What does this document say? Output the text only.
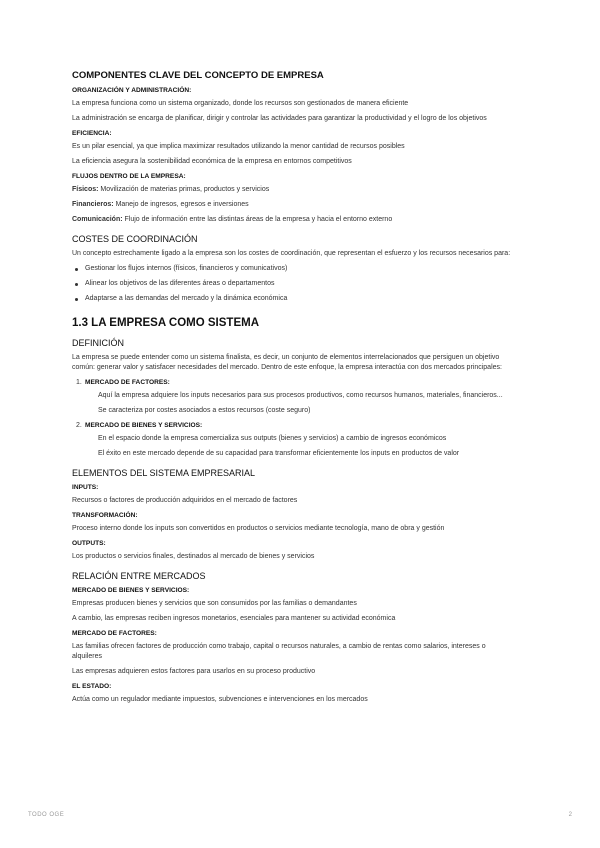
COMPONENTES CLAVE DEL CONCEPTO DE EMPRESA
ORGANIZACIÓN Y ADMINISTRACIÓN:

La empresa funciona como un sistema organizado, donde los recursos son gestionados de manera eficiente

La administración se encarga de planificar, dirigir y controlar las actividades para garantizar la productividad y el logro de los objetivos

EFICIENCIA:

Es un pilar esencial, ya que implica maximizar resultados utilizando la menor cantidad de recursos posibles

La eficiencia asegura la sostenibilidad económica de la empresa en entornos competitivos

FLUJOS DENTRO DE LA EMPRESA:

Físicos: Movilización de materias primas, productos y servicios

Financieros: Manejo de ingresos, egresos e inversiones

Comunicación: Flujo de información entre las distintas áreas de la empresa y hacia el entorno externo

COSTES DE COORDINACIÓN

Un concepto estrechamente ligado a la empresa son los costes de coordinación, que representan el esfuerzo y los recursos necesarios para:

Gestionar los flujos internos (físicos, financieros y comunicativos)
Alinear los objetivos de las diferentes áreas o departamentos
Adaptarse a las demandas del mercado y la dinámica económica
1.3 LA EMPRESA COMO SISTEMA
DEFINICIÓN

La empresa se puede entender como un sistema finalista, es decir, un conjunto de elementos interrelacionados que persiguen un objetivo común: generar valor y satisfacer necesidades del mercado. Dentro de este enfoque, la empresa interactúa con dos mercados principales:

1. MERCADO DE FACTORES:

Aquí la empresa adquiere los inputs necesarios para sus procesos productivos, como recursos humanos, materiales, financieros...

Se caracteriza por costes asociados a estos recursos (coste seguro)

2. MERCADO DE BIENES Y SERVICIOS:

En el espacio donde la empresa comercializa sus outputs (bienes y servicios) a cambio de ingresos económicos

El éxito en este mercado depende de su capacidad para transformar eficientemente los inputs en productos de valor

ELEMENTOS DEL SISTEMA EMPRESARIAL
INPUTS:

Recursos o factores de producción adquiridos en el mercado de factores

TRANSFORMACIÓN:

Proceso interno donde los inputs son convertidos en productos o servicios mediante tecnología, mano de obra y gestión

OUTPUTS:

Los productos o servicios finales, destinados al mercado de bienes y servicios

RELACIÓN ENTRE MERCADOS
MERCADO DE BIENES Y SERVICIOS:

Empresas producen bienes y servicios que son consumidos por las familias o demandantes

A cambio, las empresas reciben ingresos monetarios, esenciales para mantener su actividad económica

MERCADO DE FACTORES:

Las familias ofrecen factores de producción como trabajo, capital o recursos naturales, a cambio de rentas como salarios, intereses o alquileres

Las empresas adquieren estos factores para usarlos en su proceso productivo

EL ESTADO:

Actúa como un regulador mediante impuestos, subvenciones e intervenciones en los mercados

TODO OGE	2
